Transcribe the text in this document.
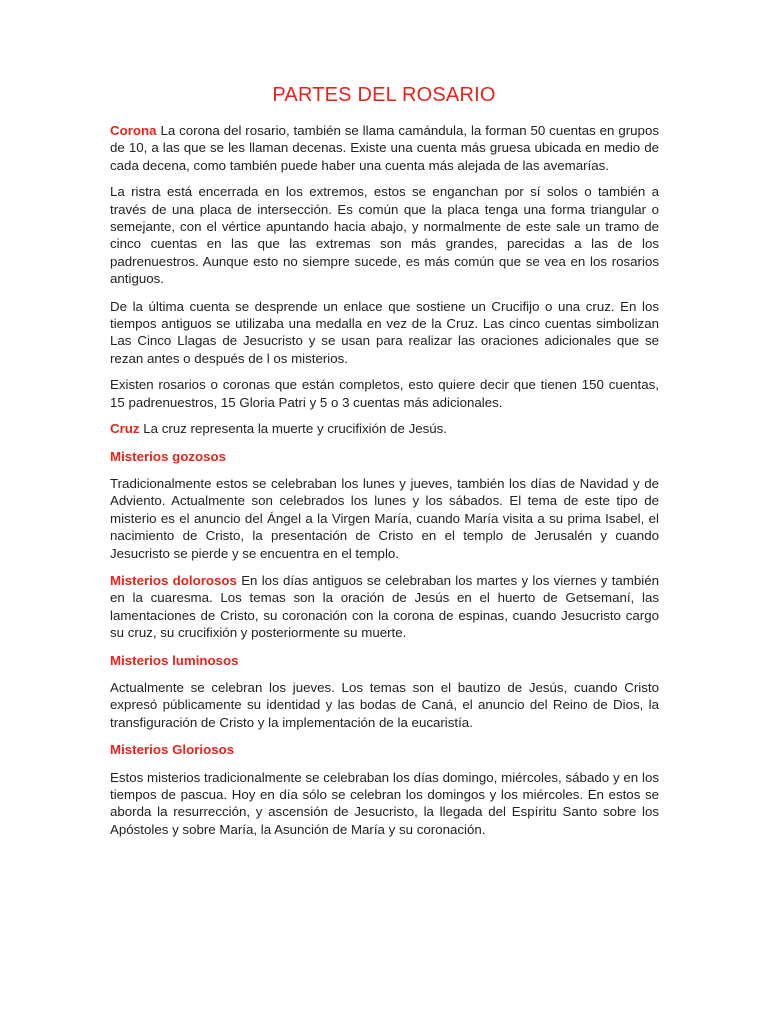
PARTES DEL ROSARIO

Corona La corona del rosario, también se llama camándula, la forman 50 cuentas en grupos de 10, a las que se les llaman decenas. Existe una cuenta más gruesa ubicada en medio de cada decena, como también puede haber una cuenta más alejada de las avemarías.

La ristra está encerrada en los extremos, estos se enganchan por sí solos o también a través de una placa de intersección. Es común que la placa tenga una forma triangular o semejante, con el vértice apuntando hacia abajo, y normalmente de este sale un tramo de cinco cuentas en las que las extremas son más grandes, parecidas a las de los padrenuestros. Aunque esto no siempre sucede, es más común que se vea en los rosarios antiguos.

De la última cuenta se desprende un enlace que sostiene un Crucifijo o una cruz. En los tiempos antiguos se utilizaba una medalla en vez de la Cruz. Las cinco cuentas simbolizan Las Cinco Llagas de Jesucristo y se usan para realizar las oraciones adicionales que se rezan antes o después de l os misterios.

Existen rosarios o coronas que están completos, esto quiere decir que tienen 150 cuentas, 15 padrenuestros, 15 Gloria Patri y 5 o 3 cuentas más adicionales.

Cruz La cruz representa la muerte y crucifixión de Jesús.

Misterios gozosos

Tradicionalmente estos se celebraban los lunes y jueves, también los días de Navidad y de Adviento. Actualmente son celebrados los lunes y los sábados. El tema de este tipo de misterio es el anuncio del Ángel a la Virgen María, cuando María visita a su prima Isabel, el nacimiento de Cristo, la presentación de Cristo en el templo de Jerusalén y cuando Jesucristo se pierde y se encuentra en el templo.

Misterios dolorosos En los días antiguos se celebraban los martes y los viernes y también en la cuaresma. Los temas son la oración de Jesús en el huerto de Getsemaní, las lamentaciones de Cristo, su coronación con la corona de espinas, cuando Jesucristo cargo su cruz, su crucifixión y posteriormente su muerte.

Misterios luminosos

Actualmente se celebran los jueves. Los temas son el bautizo de Jesús, cuando Cristo expresó públicamente su identidad y las bodas de Caná, el anuncio del Reino de Dios, la transfiguración de Cristo y la implementación de la eucaristía.

Misterios Gloriosos

Estos misterios tradicionalmente se celebraban los días domingo, miércoles, sábado y en los tiempos de pascua. Hoy en día sólo se celebran los domingos y los miércoles. En estos se aborda la resurrección, y ascensión de Jesucristo, la llegada del Espíritu Santo sobre los Apóstoles y sobre María, la Asunción de María y su coronación.
